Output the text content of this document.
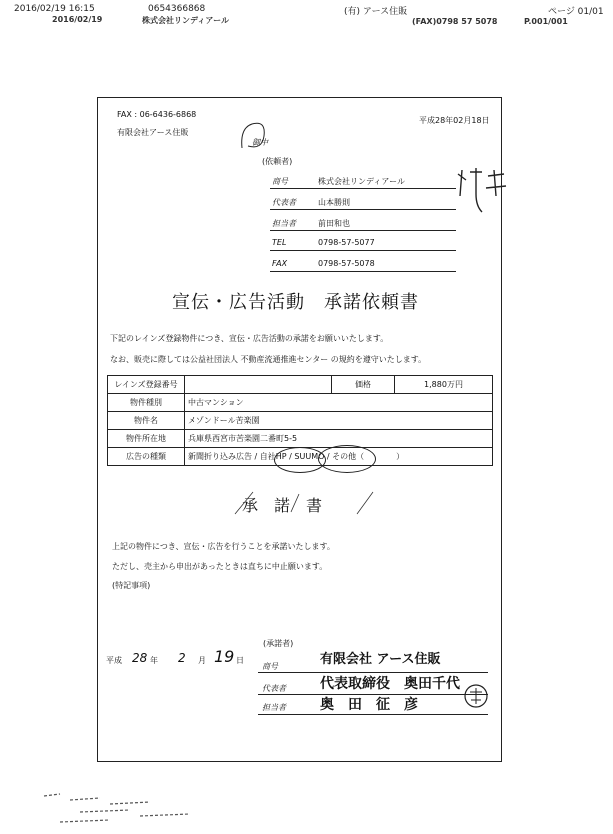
2016/02/19 16:15	0654366868	(有) アース住販	ページ 01/01
2016/02/19	株式会社リンディアール	(FAX)0798 57 5078	P.001/001
FAX : 06-6436-6868
有限会社アース住販
御中
平成28年02月18日
(依頼者)
商号	株式会社リンディアール
代表者	山本勝則
担当者	前田和也
TEL	0798-57-5077
FAX	0798-57-5078
宣伝・広告活動　承諾依頼書
下記のレインズ登録物件につき、宣伝・広告活動の承諾をお願いいたします。
なお、販売に際しては公益社団法人 不動産流通推進センター の規約を遵守いたします。
レインズ登録番号		価格	1,880万円
物件種別	中古マンション		
物件名	メゾンドール苦楽園		
物件所在地	兵庫県西宮市苦楽園二番町5-5		
広告の種類	新聞折り込み広告 / 自社HP / SUUMO / その他（　　　　）		
承　諾　書
上記の物件につき、宣伝・広告を行うことを承諾いたします。
ただし、売主から申出があったときは直ちに中止願います。
(特記事項)
(承諾者)
平成 28 年 2 月 19 日
商号	有限会社 アース住販
代表者 代表取締役　奥田千代
担当者 奥　田　征　彦
